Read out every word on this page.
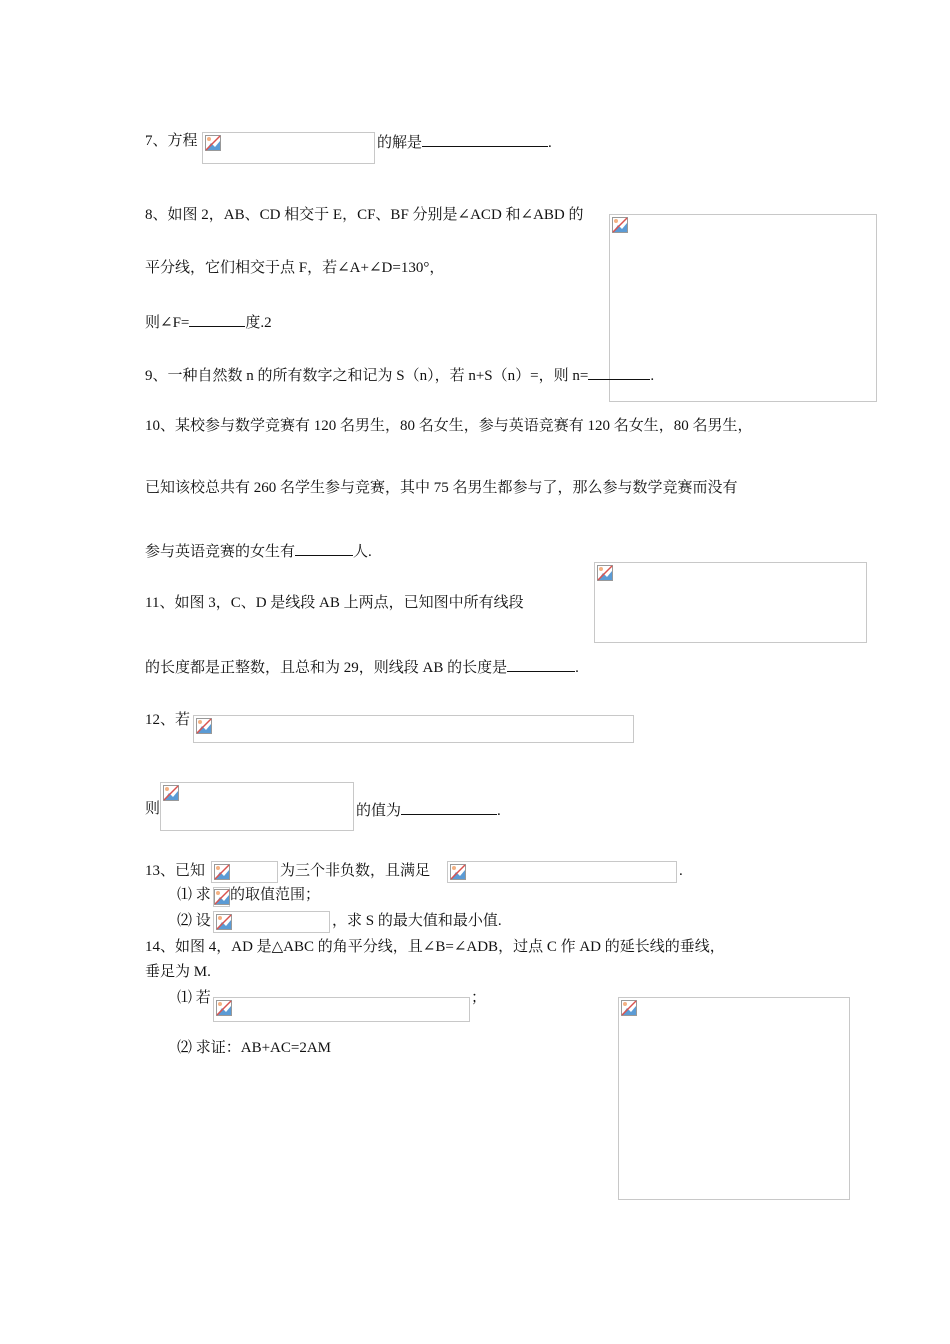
7、方程	的解是	.
8、如图 2，AB、CD 相交于 E，CF、BF 分别是∠ACD 和∠ABD 的
平分线，它们相交于点 F，若∠A+∠D=130°，
则∠F=	度.2
9、一种自然数 n 的所有数字之和记为 S（n），若 n+S（n）=，则 n=	.
10、某校参与数学竞赛有 120 名男生，80 名女生，参与英语竞赛有 120 名女生，80 名男生，
已知该校总共有 260 名学生参与竞赛，其中 75 名男生都参与了，那么参与数学竞赛而没有
参与英语竞赛的女生有	人.
11、如图 3，C、D 是线段 AB 上两点，已知图中所有线段
的长度都是正整数，且总和为 29，则线段 AB 的长度是	.
12、若
则	的值为	.
13、已知	为三个非负数，且满足	.
⑴ 求 的取值范围；
⑵ 设	，求 S 的最大值和最小值.
14、如图 4，AD 是△ABC 的角平分线，且∠B=∠ADB，过点 C 作 AD 的延长线的垂线，
垂足为 M.
⑴ 若	；
⑵ 求证：AB+AC=2AM
